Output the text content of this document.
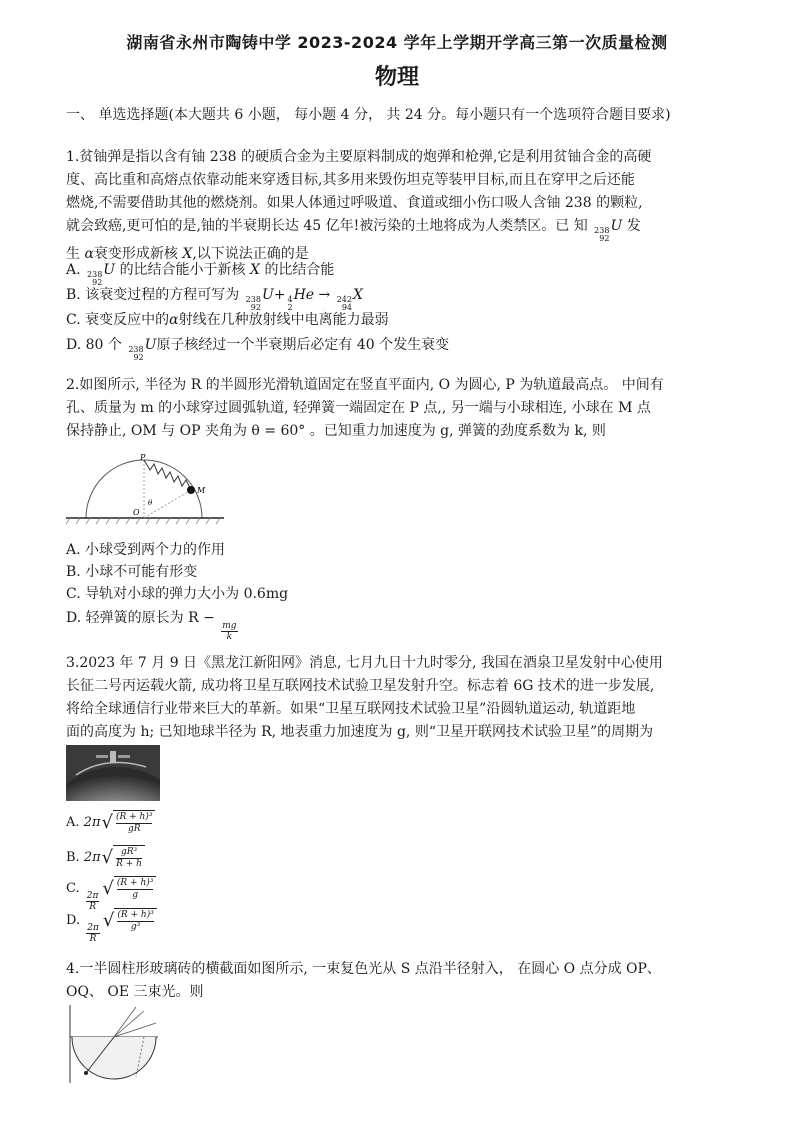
湖南省永州市陶铸中学 2023-2024 学年上学期开学高三第一次质量检测
物理
一、 单选选择题(本大题共 6 小题， 每小题 4 分， 共 24 分。每小题只有一个选项符合题目要求)
1.贫铀弹是指以含有铀 238 的硬质合金为主要原料制成的炮弹和枪弹,它是利用贫铀合金的高硬
度、高比重和高熔点依靠动能来穿透目标,其多用来毁伤坦克等装甲目标,而且在穿甲之后还能
燃烧,不需要借助其他的燃烧剂。如果人体通过呼吸道、食道或细小伤口吸人含铀 238 的颗粒,
就会致癌,更可怕的是,铀的半衰期长达 45 亿年!被污染的土地将成为人类禁区。已 知 238
92
U 发
生 α衰变形成新核 X,以下说法正确的是
A. 238
92
U 的比结合能小于新核 X 的比结合能
B. 该衰变过程的方程可写为 238
92
U+ 4
2
He → 242
94
X
C. 衰变反应中的α射线在几种放射线中电离能力最弱
D. 80 个 238
92
U原子核经过一个半衰期后必定有 40 个发生衰变
2.如图所示, 半径为 R 的半圆形光滑轨道固定在竖直平面内, O 为圆心, P 为轨道最高点。 中间有
孔、质量为 m 的小球穿过圆弧轨道, 轻弹簧一端固定在 P 点,, 另一端与小球相连, 小球在 M 点
保持静止, OM 与 OP 夹角为 θ = 60° 。已知重力加速度为 g, 弹簧的劲度系数为 k, 则
P
M
O
θ
A. 小球受到两个力的作用
B. 小球不可能有形变
C. 导轨对小球的弹力大小为 0.6mg
D. 轻弹簧的原长为 R −
$\frac{mg}{k}$
3.2023 年 7 月 9 日《黑龙江新阳网》消息, 七月九日十九时零分, 我国在酒泉卫星发射中心使用
长征二号丙运载火箭, 成功将卫星互联网技术试验卫星发射升空。标志着 6G 技术的进一步发展,
将给全球通信行业带来巨大的革新。如果“卫星互联网技术试验卫星”沿圆轨道运动, 轨道距地
面的高度为 h; 已知地球半径为 R, 地表重力加速度为 g, 则“卫星开联网技术试验卫星”的周期为
A. $2\pi√ \frac{\text{(R + h)³}}{gR}$
B. $2\pi√ \frac{\text{gR³}}{R + h}$
C.
$\frac{2\pi}{R}$
√ $\frac{\text{(R + h)³}}{g}$
D.
$\frac{2\pi}{R}$
√ $\frac{\text{(R + h)³}}{\text{g³}}$
4.一半圆柱形玻璃砖的横截面如图所示, 一束复色光从 S 点沿半径射入， 在圆心 O 点分成 OP、
OQ、 OE 三束光。则
